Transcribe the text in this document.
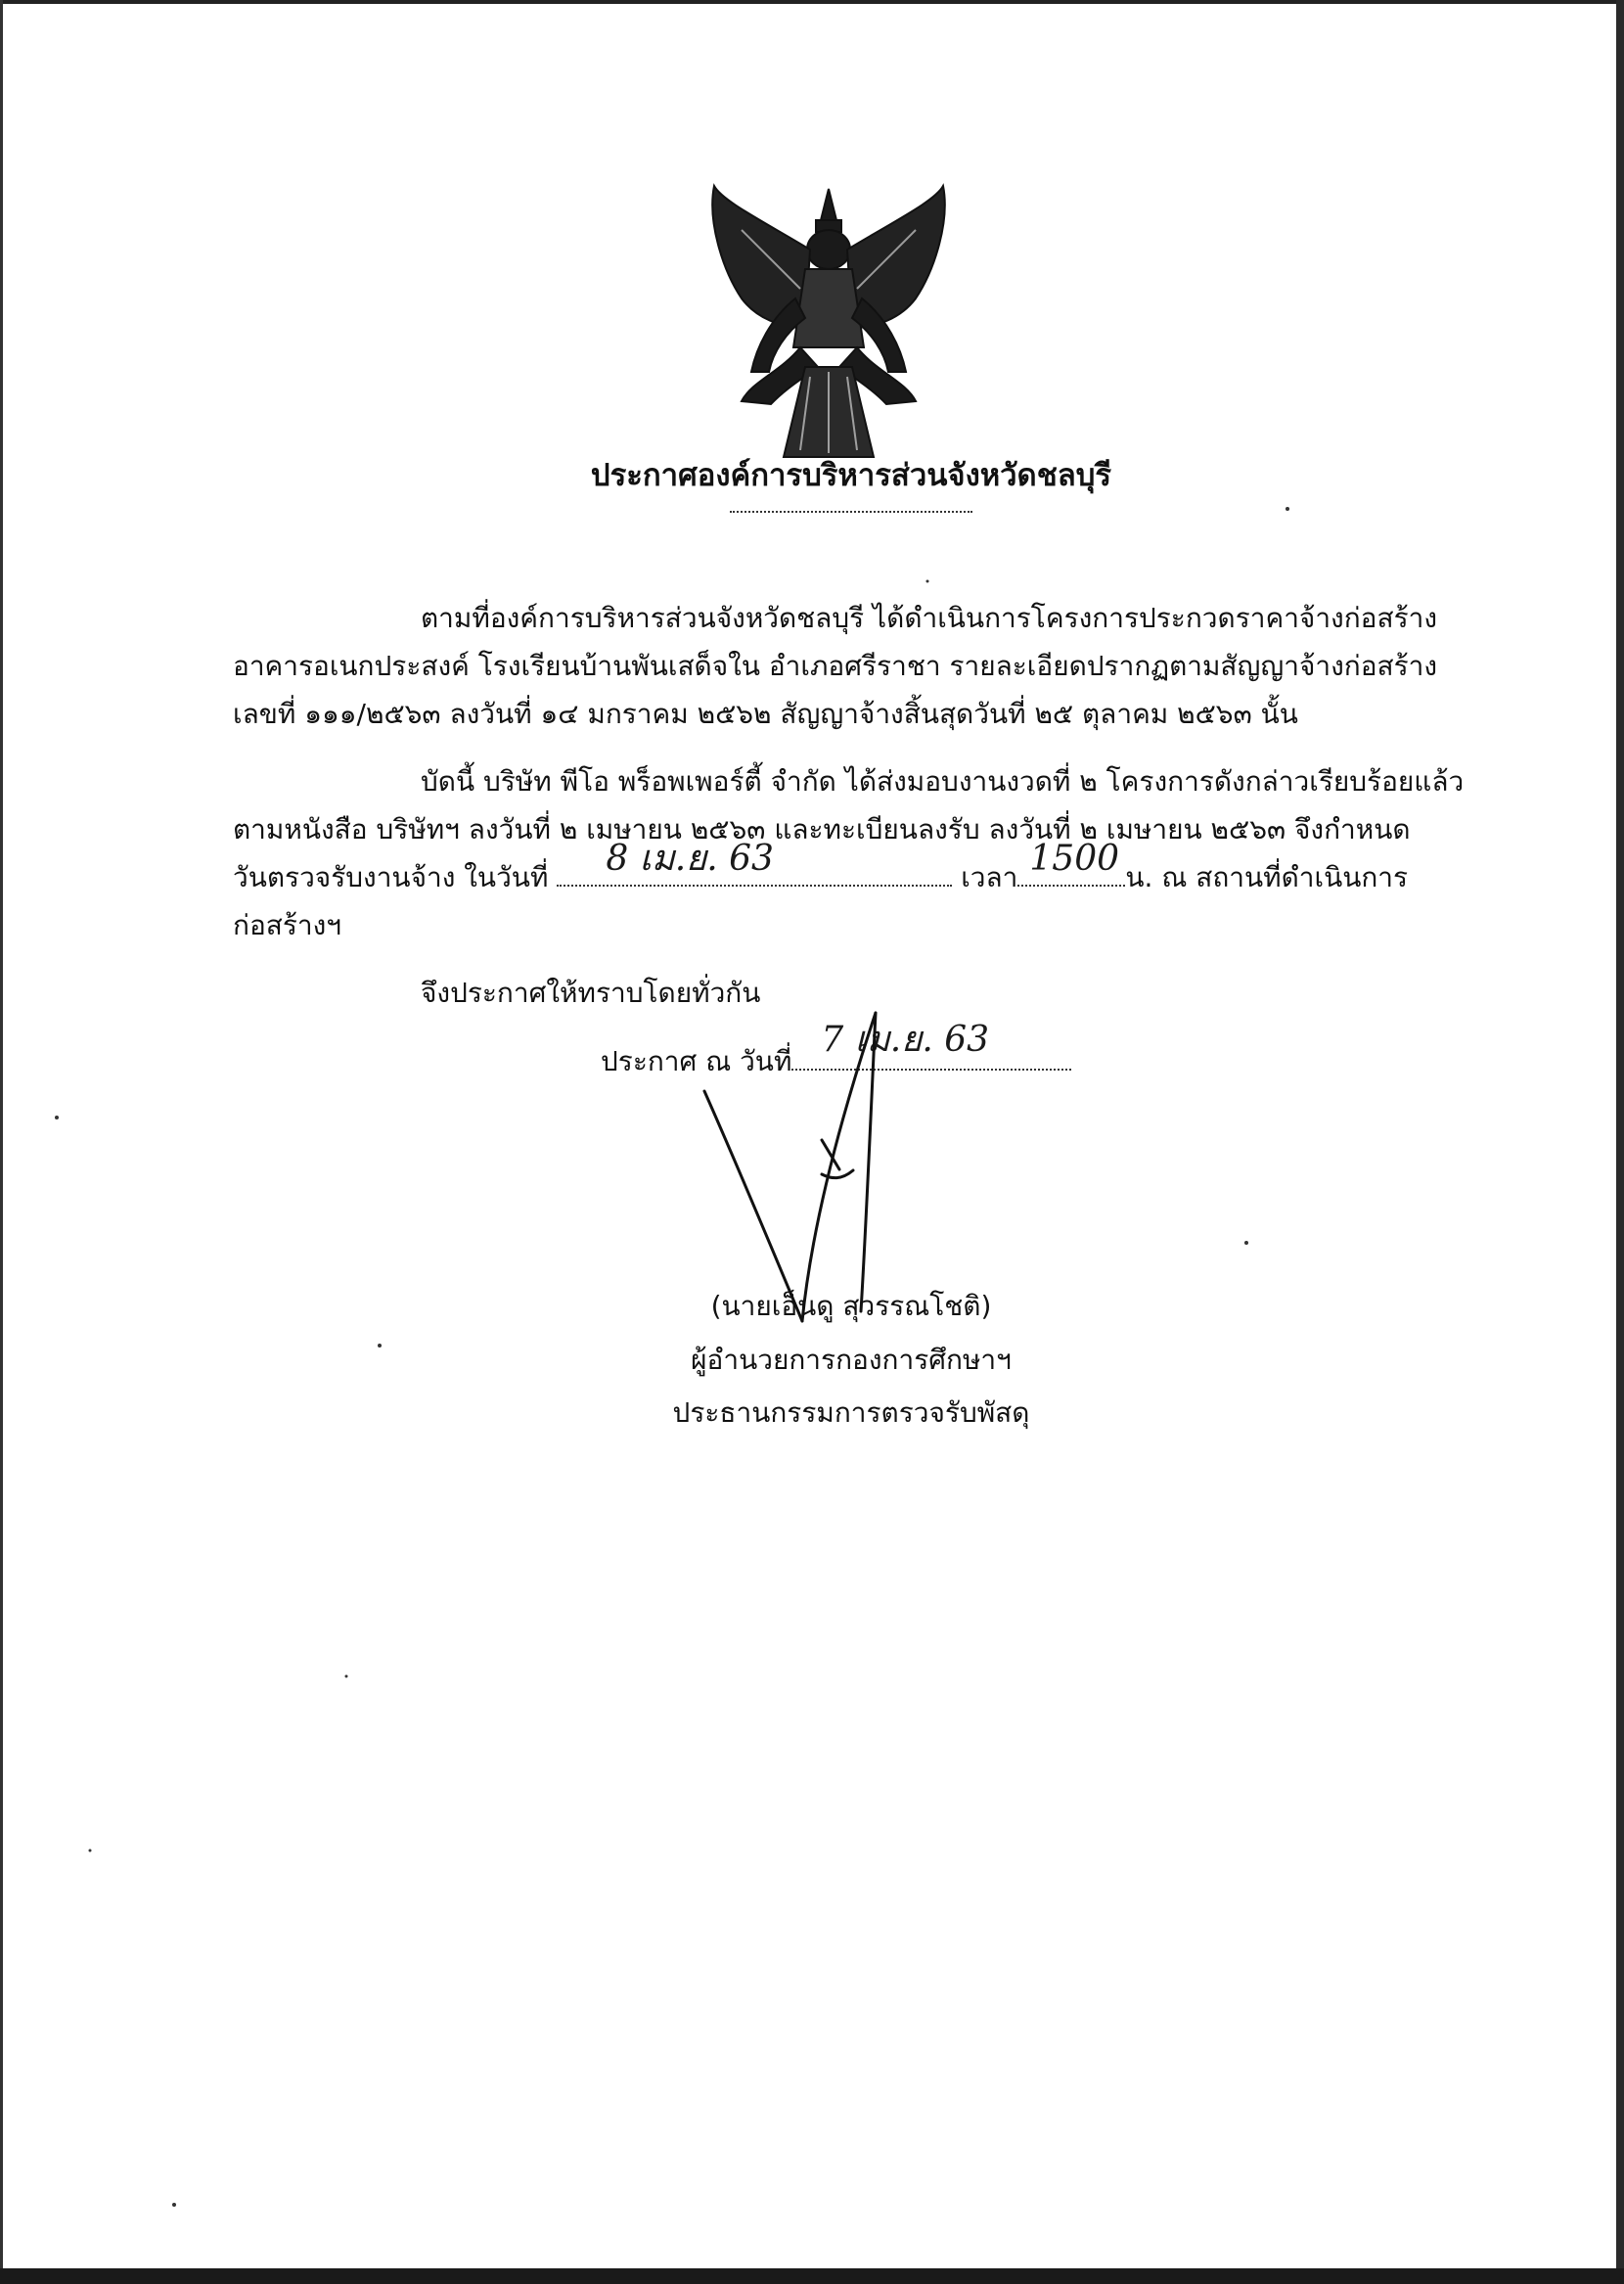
ประกาศองค์การบริหารส่วนจังหวัดชลบุรี
ตามที่องค์การบริหารส่วนจังหวัดชลบุรี ได้ดำเนินการโครงการประกวดราคาจ้างก่อสร้าง
อาคารอเนกประสงค์ โรงเรียนบ้านพันเสด็จใน อำเภอศรีราชา รายละเอียดปรากฏตามสัญญาจ้างก่อสร้าง
เลขที่ ๑๑๑/๒๕๖๓ ลงวันที่ ๑๔ มกราคม ๒๕๖๒ สัญญาจ้างสิ้นสุดวันที่ ๒๕ ตุลาคม ๒๕๖๓ นั้น
บัดนี้ บริษัท พีโอ พร็อพเพอร์ตี้ จำกัด ได้ส่งมอบงานงวดที่ ๒ โครงการดังกล่าวเรียบร้อยแล้ว
ตามหนังสือ บริษัทฯ ลงวันที่ ๒ เมษายน ๒๕๖๓ และทะเบียนลงรับ ลงวันที่ ๒ เมษายน ๒๕๖๓ จึงกำหนด
วันตรวจรับงานจ้าง ในวันที่ 8 เม.ย. 63	เวลา 1500 น. ณ สถานที่ดำเนินการ
ก่อสร้างฯ
จึงประกาศให้ทราบโดยทั่วกัน
ประกาศ ณ วันที่
7 เม.ย. 63
(นายเอ็นดู สุวรรณโชติ)
ผู้อำนวยการกองการศึกษาฯ
ประธานกรรมการตรวจรับพัสดุ
